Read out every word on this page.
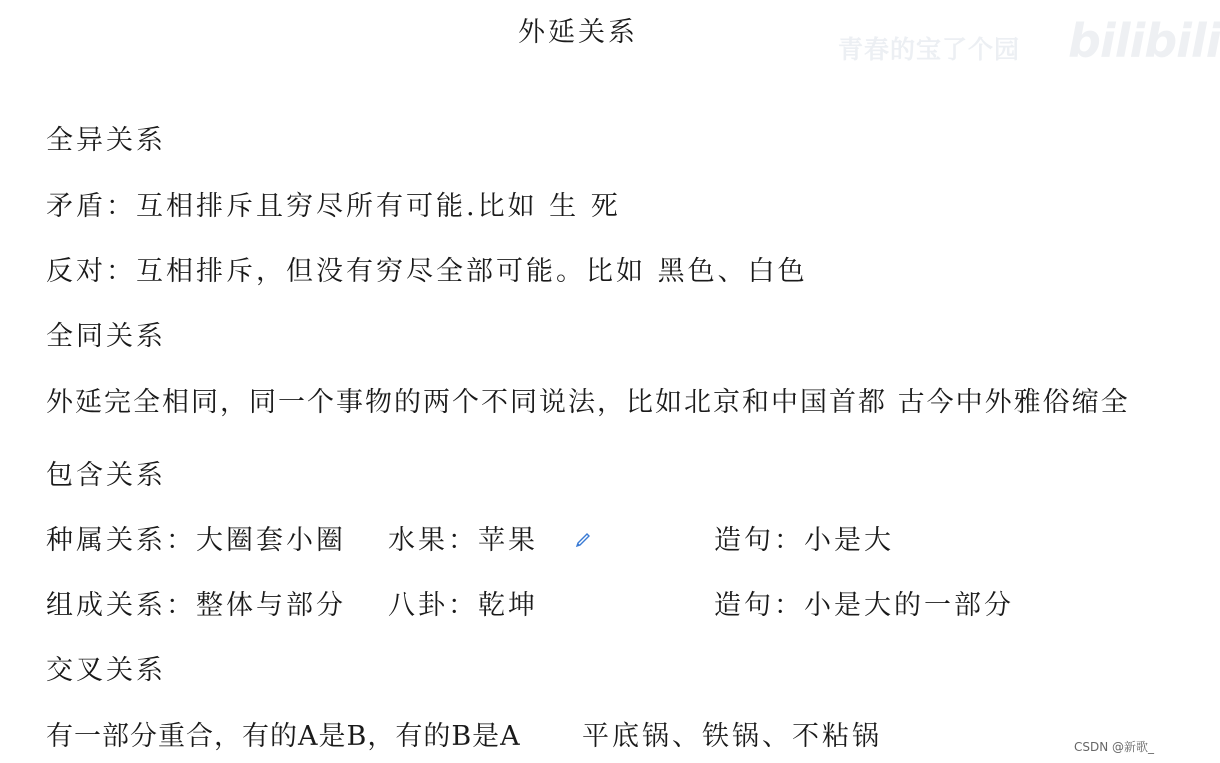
外延关系
青春的宝了个园 bilibili
全异关系
矛盾：互相排斥且穷尽所有可能.比如 生 死
反对：互相排斥，但没有穷尽全部可能。比如 黑色、白色
全同关系
外延完全相同，同一个事物的两个不同说法，比如北京和中国首都 古今中外雅俗缩全
包含关系
种属关系：大圈套小圈 水果：苹果	造句：小是大
组成关系：整体与部分 八卦：乾坤	造句：小是大的一部分
交叉关系
有一部分重合，有的A是B，有的B是A 平底锅、铁锅、不粘锅	CSDN @新歌_
